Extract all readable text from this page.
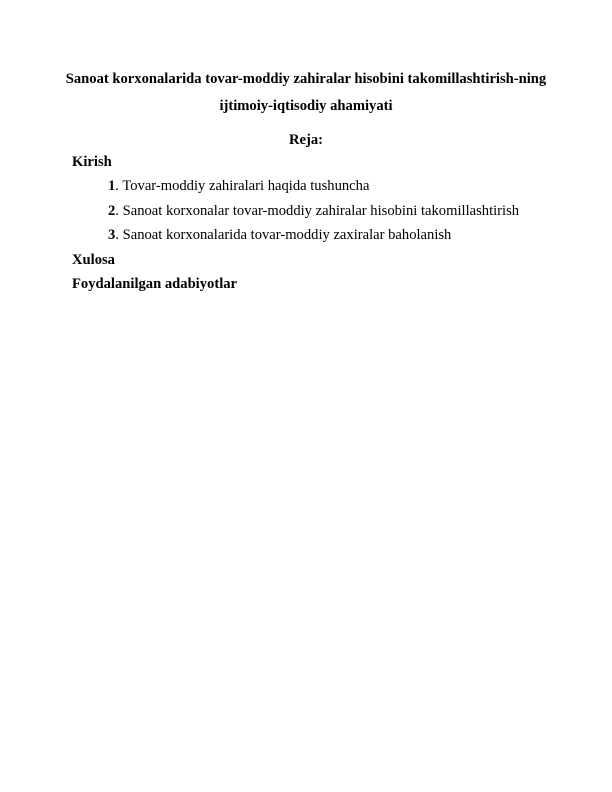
Sanoat korxonalarida tovar-moddiy zahiralar hisobini takomillashtirish-ning
ijtimoiy-iqtisodiy ahamiyati
Reja:
Kirish
1. Tovar-moddiy zahiralari haqida tushuncha
2. Sanoat korxonalar tovar-moddiy zahiralar hisobini takomillashtirish
3. Sanoat korxonalarida tovar-moddiy zaxiralar baholanish
Xulosa
Foydalanilgan adabiyotlar
